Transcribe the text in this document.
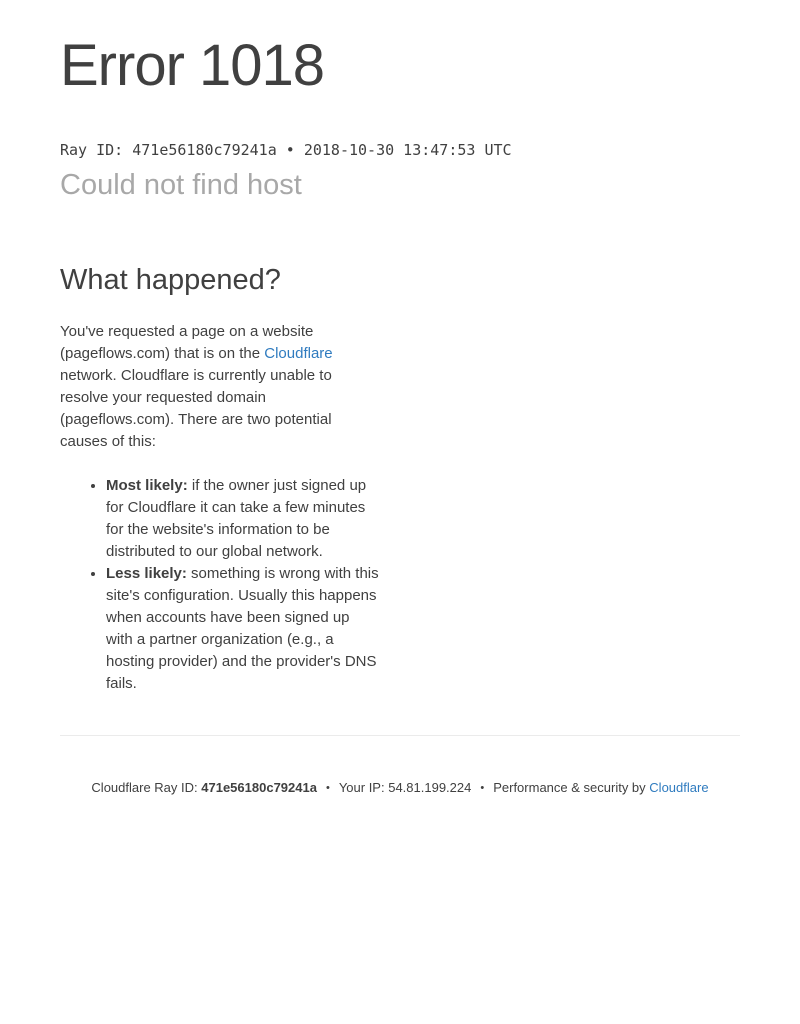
Error 1018
Ray ID: 471e56180c79241a • 2018-10-30 13:47:53 UTC
Could not find host
What happened?

You've requested a page on a website (pageflows.com) that is on the Cloudflare network. Cloudflare is currently unable to resolve your requested domain (pageflows.com). There are two potential causes of this:

• Most likely: if the owner just signed up for Cloudflare it can take a few minutes for the website's information to be distributed to our global network.
• Less likely: something is wrong with this site's configuration. Usually this happens when accounts have been signed up with a partner organization (e.g., a hosting provider) and the provider's DNS fails.
Cloudflare Ray ID: 471e56180c79241a • Your IP: 54.81.199.224 • Performance & security by Cloudflare
